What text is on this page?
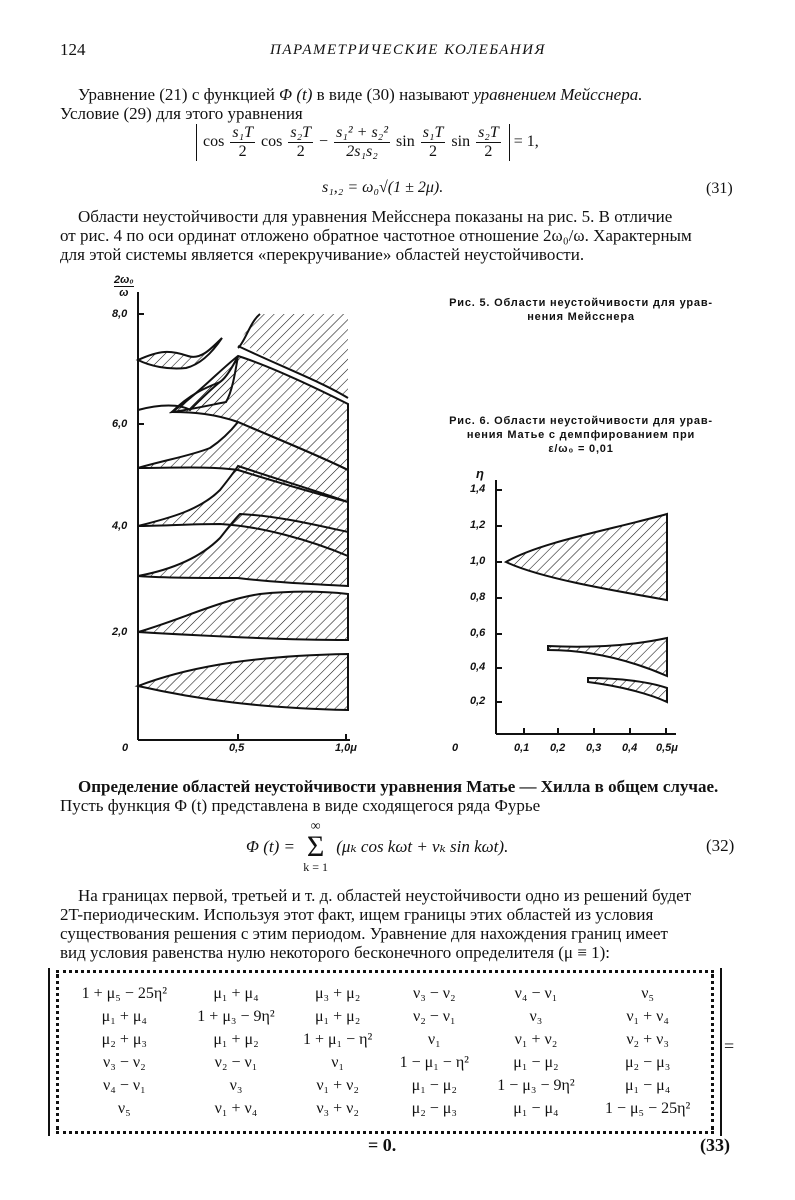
124	ПАРАМЕТРИЧЕСКИЕ КОЛЕБАНИЯ
Уравнение (21) с функцией Φ (t) в виде (30) называют уравнением Мейсснера.
Условие (29) для этого уравнения
$\cos \frac{\text{s₁T}}{2}$ $\cos \frac{\text{s₂T}}{2} - \frac{\text{s₁² + s₂²}}{\text{2s₁s₂}}$ $\sin \frac{\text{s₁T}}{2}$ $\sin \frac{\text{s₂T}}{2} = 1$,
s₁,₂ = ω₀√(1 ± 2μ).	(31)
Области неустойчивости для уравнения Мейсснера показаны на рис. 5. В отличие
от рис. 4 по оси ординат отложено обратное частотное отношение 2ω₀/ω. Характерным
для этой системы является «перекручивание» областей неустойчивости.
Рис. 5. Области неустойчивости для урав-
нения Мейсснера
Рис. 6. Области неустойчивости для урав-
нения Матье с демпфированием при
ε/ω₀ = 0,01
2ω₀
ω
8,0
6,0
4,0
2,0
0	0,5	1,0μ
η
1,4
1,2
1,0
0,8
0,6
0,4
0,2
0	0,1 0,2 0,3 0,4 0,5μ
Определение областей неустойчивости уравнения Матье — Хилла в общем случае.
Пусть функция Φ (t) представлена в виде сходящегося ряда Фурье
Φ (t) =
∞
Σ
k = 1
(μₖ cos kωt + νₖ sin kωt).	(32)
На границах первой, третьей и т. д. областей неустойчивости одно из решений будет
2T-периодическим. Используя этот факт, ищем границы этих областей из условия
существования решения с этим периодом. Уравнение для нахождения границ имеет
вид условия равенства нулю некоторого бесконечного определителя (μ ≡ 1):
1 + μ₅ − 25η²	μ₁ + μ₄	μ₃ + μ₂	ν₃ − ν₂	ν₄ − ν₁	ν₅
μ₁ + μ₄	1 + μ₃ − 9η²	μ₁ + μ₂	ν₂ − ν₁	ν₃	ν₁ + ν₄
μ₂ + μ₃	μ₁ + μ₂	1 + μ₁ − η²	ν₁	ν₁ + ν₂	ν₂ + ν₃
ν₃ − ν₂	ν₂ − ν₁	ν₁	1 − μ₁ − η²	μ₁ − μ₂	μ₂ − μ₃
ν₄ − ν₁	ν₃	ν₁ + ν₂	μ₁ − μ₂	1 − μ₃ − 9η²	μ₁ − μ₄
ν₅	ν₁ + ν₄	ν₃ + ν₂	μ₂ − μ₃	μ₁ − μ₄	1 − μ₅ − 25η²
=
= 0.	(33)
